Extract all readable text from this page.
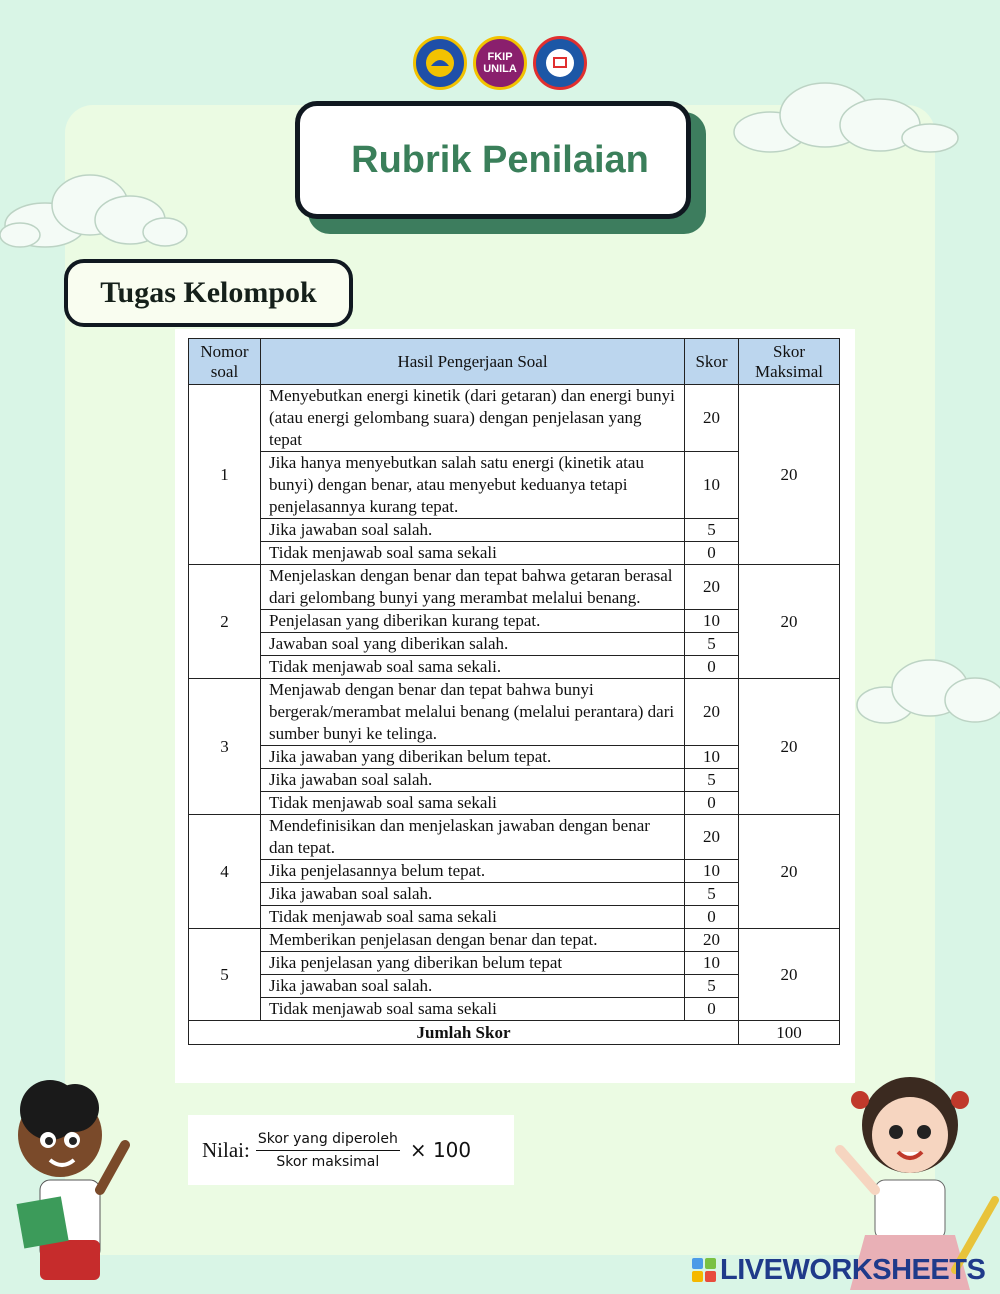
FKIP UNILA
Rubrik Penilaian
Tugas Kelompok
Nomor soal	Hasil Pengerjaan Soal	Skor	Skor Maksimal
1	Menyebutkan energi kinetik (dari getaran) dan energi bunyi (atau energi gelombang suara) dengan penjelasan yang tepat	20	20
	Jika hanya menyebutkan salah satu energi (kinetik atau bunyi) dengan benar, atau menyebut keduanya tetapi penjelasannya kurang tepat.	10	
	Jika jawaban soal salah.	5	
	Tidak menjawab soal sama sekali	0	
2	Menjelaskan dengan benar dan tepat bahwa getaran berasal dari gelombang bunyi yang merambat melalui benang.	20	20
	Penjelasan yang diberikan kurang tepat.	10	
	Jawaban soal yang diberikan salah.	5	
	Tidak menjawab soal sama sekali.	0	
3	Menjawab dengan benar dan tepat bahwa bunyi bergerak/merambat melalui benang (melalui perantara) dari sumber bunyi ke telinga.	20	20
	Jika jawaban yang diberikan belum tepat.	10	
	Jika jawaban soal salah.	5	
	Tidak menjawab soal sama sekali	0	
4	Mendefinisikan dan menjelaskan jawaban dengan benar dan tepat.	20	20
	Jika penjelasannya belum tepat.	10	
	Jika jawaban soal salah.	5	
	Tidak menjawab soal sama sekali	0	
5	Memberikan penjelasan dengan benar dan tepat.	20	20
	Jika penjelasan yang diberikan belum tepat	10	
	Jika jawaban soal salah.	5	
	Tidak menjawab soal sama sekali	0	
Jumlah Skor			100
Nilai: $\frac{\text{Skor yang diperoleh}}{\text{Skor maksimal}} \times 100$
LIVEWORKSHEETS
